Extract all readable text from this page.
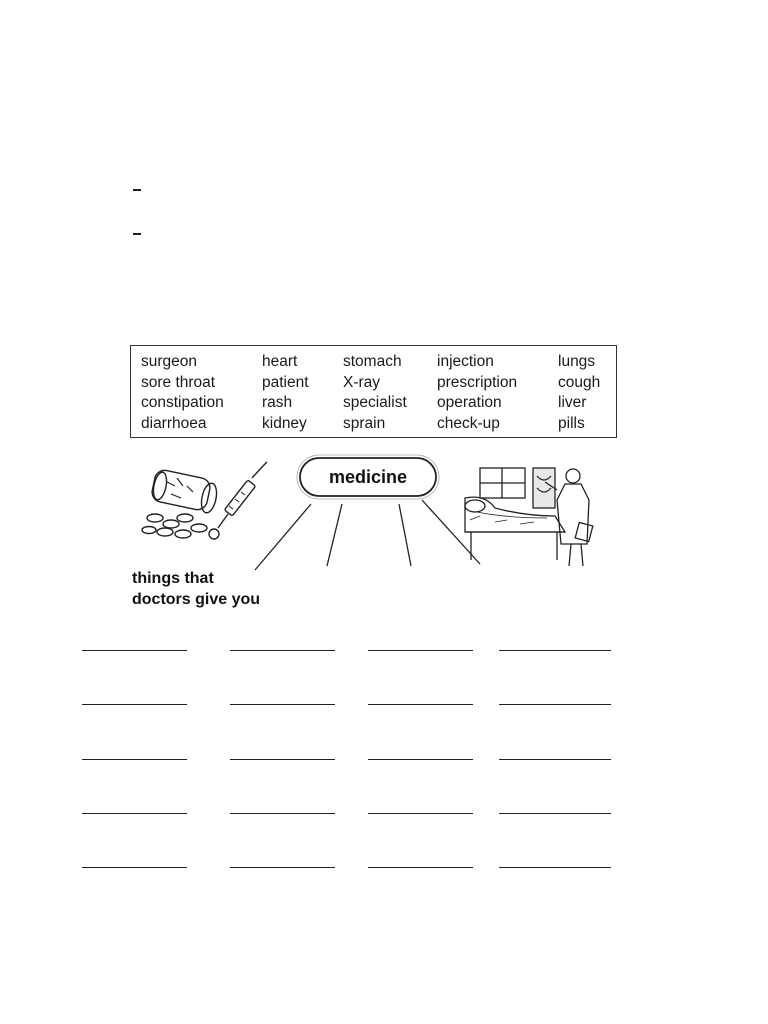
surgeon
sore throat
constipation
diarrhoea
heart
patient
rash
kidney
stomach
X-ray
specialist
sprain
injection
prescription
operation
check-up
lungs
cough
liver
pills
medicine
things that
doctors give you
